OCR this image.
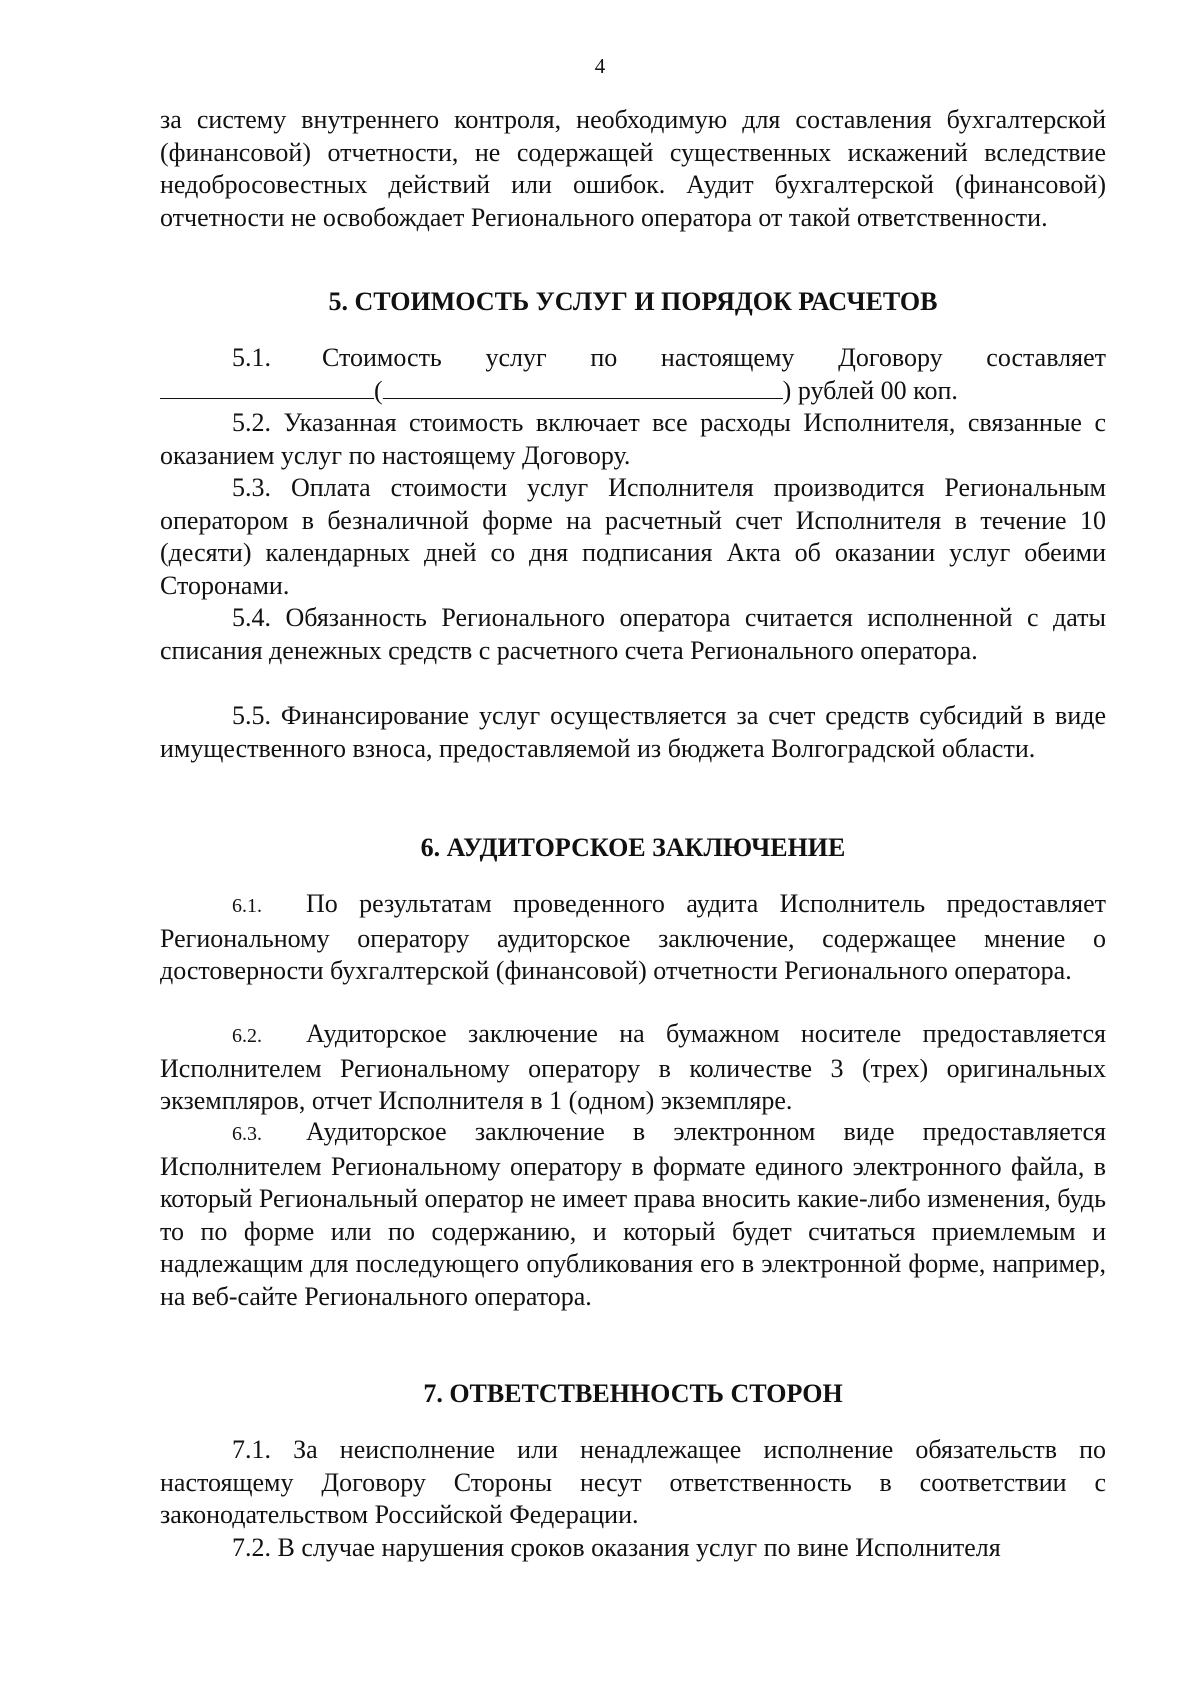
4
за систему внутреннего контроля, необходимую для составления бухгалтерской (финансовой) отчетности, не содержащей существенных искажений вследствие недобросовестных действий или ошибок. Аудит бухгалтерской (финансовой) отчетности не освобождает Регионального оператора от такой ответственности.
5. СТОИМОСТЬ УСЛУГ И ПОРЯДОК РАСЧЕТОВ
5.1. Стоимость услуг по настоящему Договору составляет
(	) рублей 00 коп.
5.2. Указанная стоимость включает все расходы Исполнителя, связанные с оказанием услуг по настоящему Договору.
5.3. Оплата стоимости услуг Исполнителя производится Региональным оператором в безналичной форме на расчетный счет Исполнителя в течение 10 (десяти) календарных дней со дня подписания Акта об оказании услуг обеими Сторонами.
5.4. Обязанность Регионального оператора считается исполненной с даты списания денежных средств с расчетного счета Регионального оператора.
5.5. Финансирование услуг осуществляется за счет средств субсидий в виде имущественного взноса, предоставляемой из бюджета Волгоградской области.
6. АУДИТОРСКОЕ ЗАКЛЮЧЕНИЕ
6.1. По результатам проведенного аудита Исполнитель предоставляет Региональному оператору аудиторское заключение, содержащее мнение о достоверности бухгалтерской (финансовой) отчетности Регионального оператора.
6.2. Аудиторское заключение на бумажном носителе предоставляется Исполнителем Региональному оператору в количестве 3 (трех) оригинальных экземпляров, отчет Исполнителя в 1 (одном) экземпляре.
6.3. Аудиторское заключение в электронном виде предоставляется Исполнителем Региональному оператору в формате единого электронного файла, в который Региональный оператор не имеет права вносить какие-либо изменения, будь то по форме или по содержанию, и который будет считаться приемлемым и надлежащим для последующего опубликования его в электронной форме, например, на веб-сайте Регионального оператора.
7. ОТВЕТСТВЕННОСТЬ СТОРОН
7.1. За неисполнение или ненадлежащее исполнение обязательств по настоящему Договору Стороны несут ответственность в соответствии с законодательством Российской Федерации.
7.2. В случае нарушения сроков оказания услуг по вине Исполнителя
